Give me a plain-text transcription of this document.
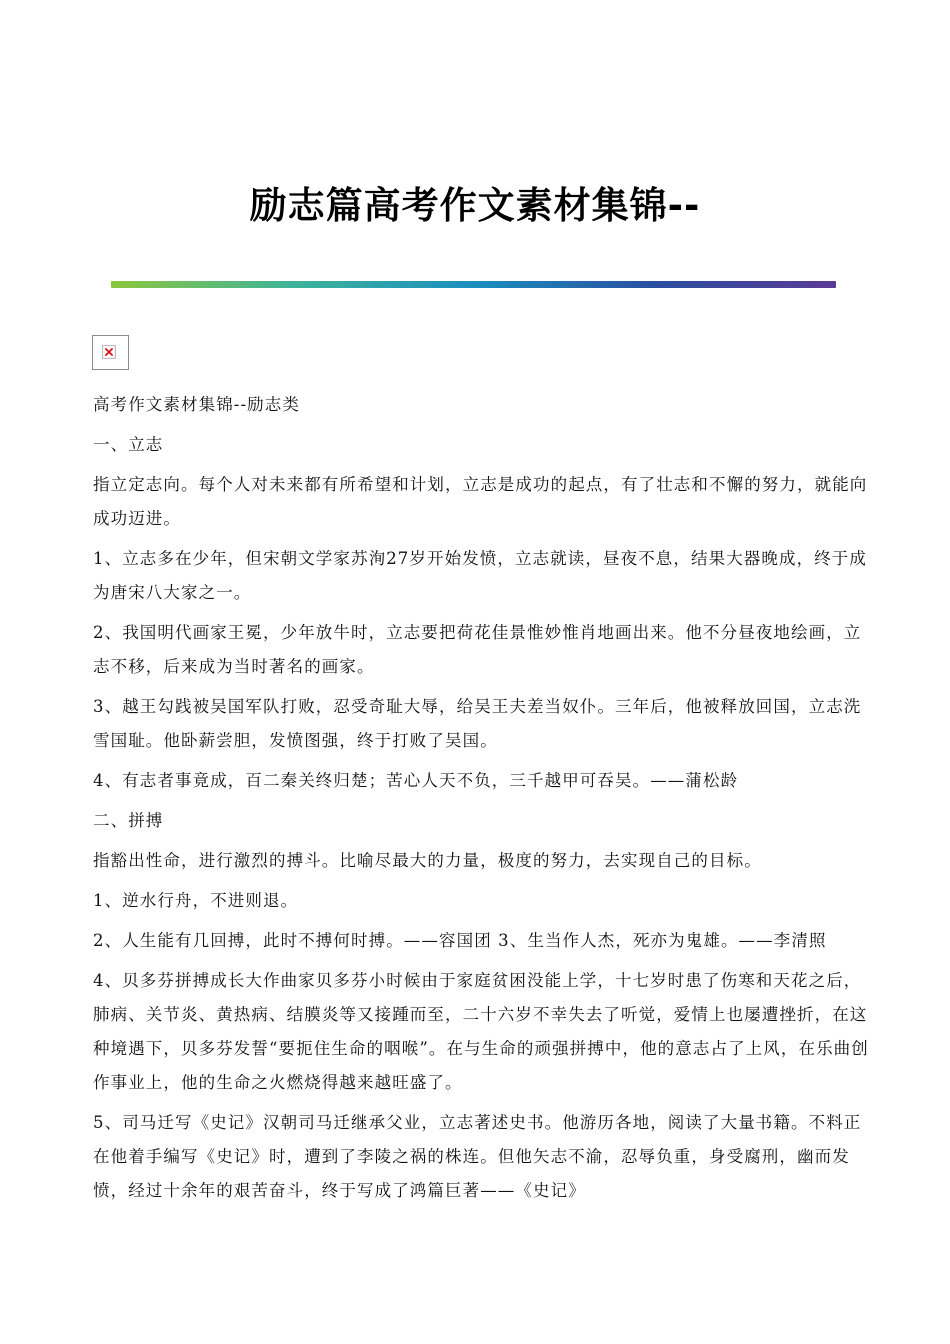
励志篇高考作文素材集锦--

高考作文素材集锦--励志类

一、立志

指立定志向。每个人对未来都有所希望和计划，立志是成功的起点，有了壮志和不懈的努力，就能向成功迈进。

1、立志多在少年，但宋朝文学家苏洵27岁开始发愤，立志就读，昼夜不息，结果大器晚成，终于成为唐宋八大家之一。

2、我国明代画家王冕，少年放牛时，立志要把荷花佳景惟妙惟肖地画出来。他不分昼夜地绘画，立志不移，后来成为当时著名的画家。

3、越王勾践被吴国军队打败，忍受奇耻大辱，给吴王夫差当奴仆。三年后，他被释放回国，立志洗雪国耻。他卧薪尝胆，发愤图强，终于打败了吴国。

4、有志者事竟成，百二秦关终归楚；苦心人天不负，三千越甲可吞吴。——蒲松龄

二、拼搏

指豁出性命，进行激烈的搏斗。比喻尽最大的力量，极度的努力，去实现自己的目标。

1、逆水行舟，不进则退。

2、人生能有几回搏，此时不搏何时搏。——容国团 3、生当作人杰，死亦为鬼雄。——李清照

4、贝多芬拼搏成长大作曲家贝多芬小时候由于家庭贫困没能上学，十七岁时患了伤寒和天花之后，肺病、关节炎、黄热病、结膜炎等又接踵而至，二十六岁不幸失去了听觉，爱情上也屡遭挫折，在这种境遇下，贝多芬发誓“要扼住生命的咽喉”。在与生命的顽强拼搏中，他的意志占了上风，在乐曲创作事业上，他的生命之火燃烧得越来越旺盛了。

5、司马迁写《史记》汉朝司马迁继承父业，立志著述史书。他游历各地，阅读了大量书籍。不料正在他着手编写《史记》时，遭到了李陵之祸的株连。但他矢志不渝，忍辱负重，身受腐刑，幽而发愤，经过十余年的艰苦奋斗，终于写成了鸿篇巨著——《史记》
